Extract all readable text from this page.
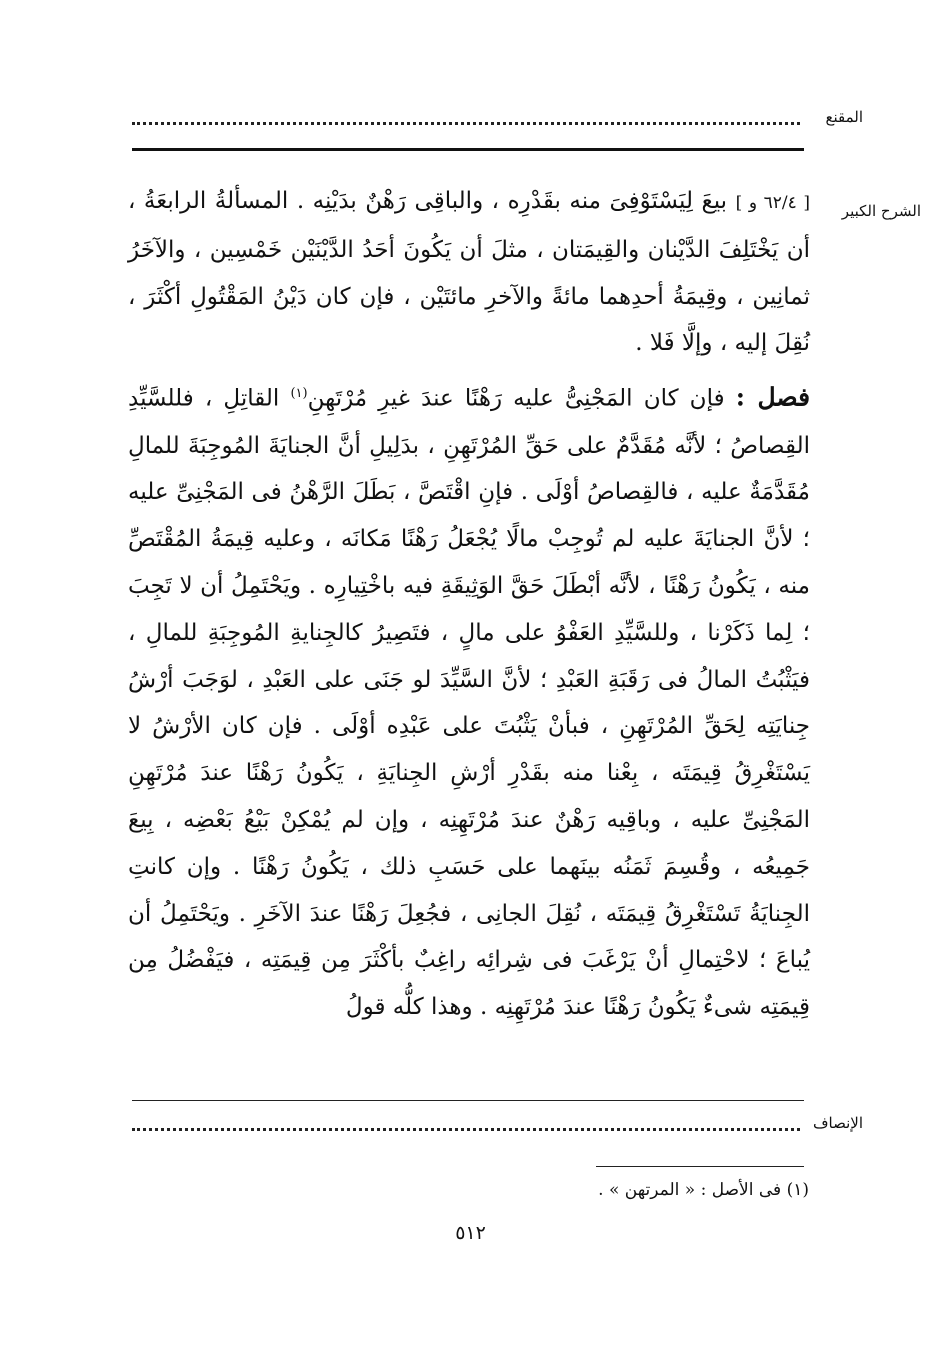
المقنع
الشرح الكبير

[ ٦٢/٤ و ] بيعَ لِيَسْتَوْفِىَ منه بقَدْرِه ، والباقِى رَهْنٌ بدَيْنِه . المسألةُ الرابعَةُ ، أن يَخْتَلِفَ الدَّيْنان والقِيمَتان ، مثلَ أن يَكُونَ أحَدُ الدَّيْنَيْن خَمْسِين ، والآخَرُ ثمانِين ، وقِيمَةُ أحدِهما مائةً والآخرِ مائتَيْن ، فإن كان دَيْنُ المَقْتُولِ أكْثَرَ ، نُقِلَ إليه ، وإلَّا فَلا .

فصل : فإن كان المَجْنِىُّ عليه رَهْنًا عندَ غيرِ مُرْتَهِنِ$^{(١)}$ القاتِلِ ، فللسَّيِّدِ القِصاصُ ؛ لأنَّه مُقَدَّمٌ على حَقِّ المُرْتَهِنِ ، بدَلِيلِ أنَّ الجنايَةَ المُوجِبَةَ للمالِ مُقَدَّمَةٌ عليه ، فالقِصاصُ أوْلَى . فإنِ اقْتَصَّ ، بَطَلَ الرَّهْنُ فى المَجْنِىِّ عليه ؛ لأنَّ الجنايَةَ عليه لم تُوجِبْ مالًا يُجْعَلُ رَهْنًا مَكانَه ، وعليه قِيمَةُ المُقْتَصِّ منه ، يَكُونُ رَهْنًا ، لأنَّه أبْطَلَ حَقَّ الوَثِيقَةِ فيه باخْتِيارِه . ويَحْتَمِلُ أن لا تَجِبَ ؛ لِما ذَكَرْنا ، وللسَّيِّدِ العَفْوُ على مالٍ ، فتَصِيرُ كالجِنايةِ المُوجِبَةِ للمالِ ، فيَثْبُتُ المالُ فى رَقَبَةِ العَبْدِ ؛ لأنَّ السَّيِّدَ لو جَنَى على العَبْدِ ، لوَجَبَ أرْشُ جِنايَتِه لِحَقِّ المُرْتَهِنِ ، فبأنْ يَثْبُتَ على عَبْدِه أوْلَى . فإن كان الأرْشُ لا يَسْتَغْرِقُ قِيمَتَه ، بِعْنا منه بقَدْرِ أرْشِ الجِنايَةِ ، يَكُونُ رَهْنًا عندَ مُرْتَهِنِ المَجْنِىِّ عليه ، وباقِيه رَهْنٌ عندَ مُرْتَهِنِه ، وإن لم يُمْكِنْ بَيْعُ بَعْضِه ، بِيعَ جَمِيعُه ، وقُسِمَ ثَمَنُه بينَهما على حَسَبِ ذلك ، يَكُونُ رَهْنًا . وإن كانتِ الجِنايَةُ تَسْتَغْرِقُ قِيمَتَه ، نُقِلَ الجانِى ، فجُعِلَ رَهْنًا عندَ الآخَرِ . ويَحْتَمِلُ أن يُباعَ ؛ لاحْتِمالِ أنْ يَرْغَبَ فى شِرائِه راغِبٌ بأكْثَرَ مِن قِيمَتِه ، فيَفْضُلُ مِن قِيمَتِه شىءٌ يَكُونُ رَهْنًا عندَ مُرْتَهِنِه . وهذا كلُّه قولُ

الإنصاف
(١) فى الأصل : « المرتهن » .
٥١٢
